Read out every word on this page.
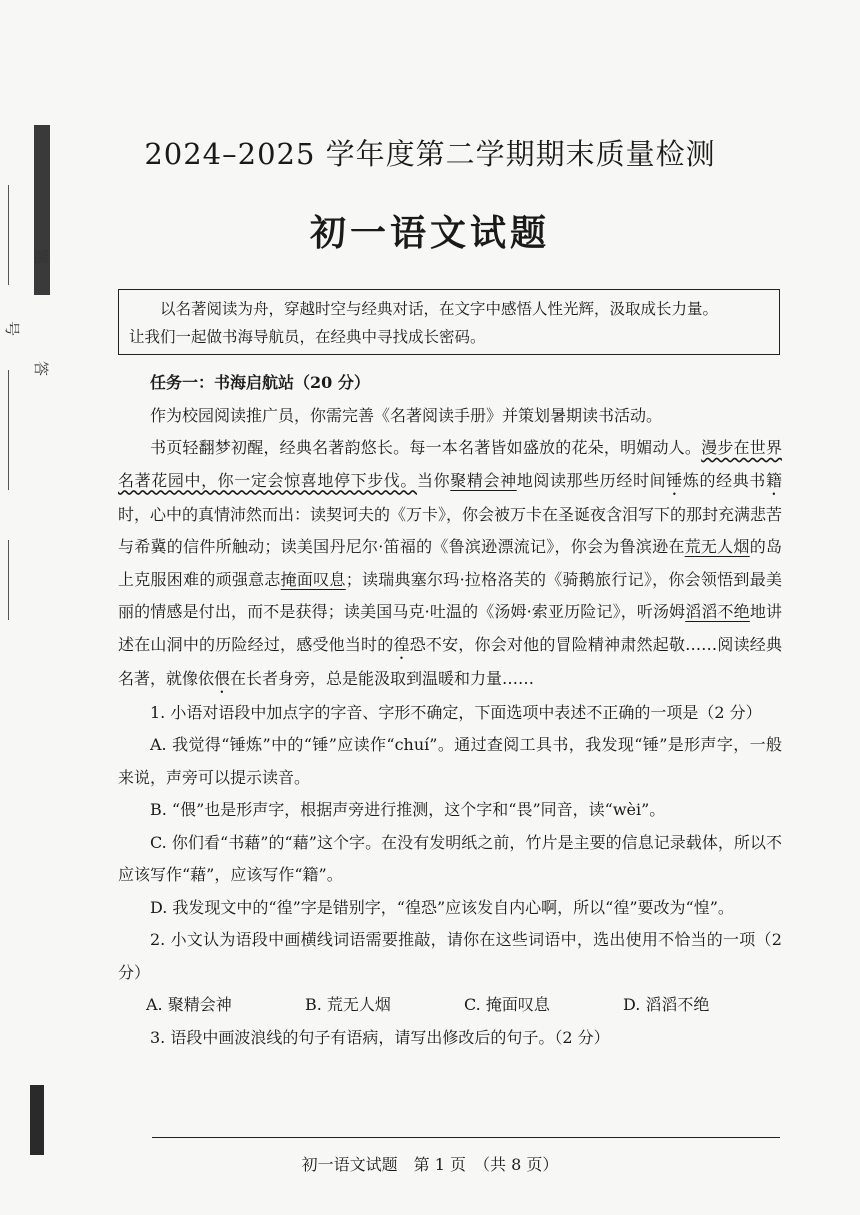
题
号
答
2024–2025 学年度第二学期期末质量检测
初一语文试题

以名著阅读为舟，穿越时空与经典对话，在文字中感悟人性光辉，汲取成长力量。

让我们一起做书海导航员，在经典中寻找成长密码。

任务一：书海启航站（20 分）

作为校园阅读推广员，你需完善《名著阅读手册》并策划暑期读书活动。

书页轻翻梦初醒，经典名著韵悠长。每一本名著皆如盛放的花朵，明媚动人。漫步在世界名著花园中，你一定会惊喜地停下步伐。当你聚精会神地阅读那些历经时间锤炼的经典书籍时，心中的真情沛然而出：读契诃夫的《万卡》，你会被万卡在圣诞夜含泪写下的那封充满悲苦与希冀的信件所触动；读美国丹尼尔·笛福的《鲁滨逊漂流记》，你会为鲁滨逊在荒无人烟的岛上克服困难的顽强意志掩面叹息；读瑞典塞尔玛·拉格洛芙的《骑鹅旅行记》，你会领悟到最美丽的情感是付出，而不是获得；读美国马克·吐温的《汤姆·索亚历险记》，听汤姆滔滔不绝地讲述在山洞中的历险经过，感受他当时的徨恐不安，你会对他的冒险精神肃然起敬……阅读经典名著，就像依偎在长者身旁，总是能汲取到温暖和力量……

1. 小语对语段中加点字的字音、字形不确定，下面选项中表述不正确的一项是（2 分）

A. 我觉得“锤炼”中的“锤”应读作“chuí”。通过查阅工具书，我发现“锤”是形声字，一般来说，声旁可以提示读音。

B. “偎”也是形声字，根据声旁进行推测，这个字和“畏”同音，读“wèi”。

C. 你们看“书藉”的“藉”这个字。在没有发明纸之前，竹片是主要的信息记录载体，所以不应该写作“藉”，应该写作“籍”。

D. 我发现文中的“徨”字是错别字，“徨恐”应该发自内心啊，所以“徨”要改为“惶”。

2. 小文认为语段中画横线词语需要推敲，请你在这些词语中，选出使用不恰当的一项（2 分）

A. 聚精会神	B. 荒无人烟	C. 掩面叹息	D. 滔滔不绝

3. 语段中画波浪线的句子有语病，请写出修改后的句子。（2 分）

初一语文试题　第 1 页　（共 8 页）
